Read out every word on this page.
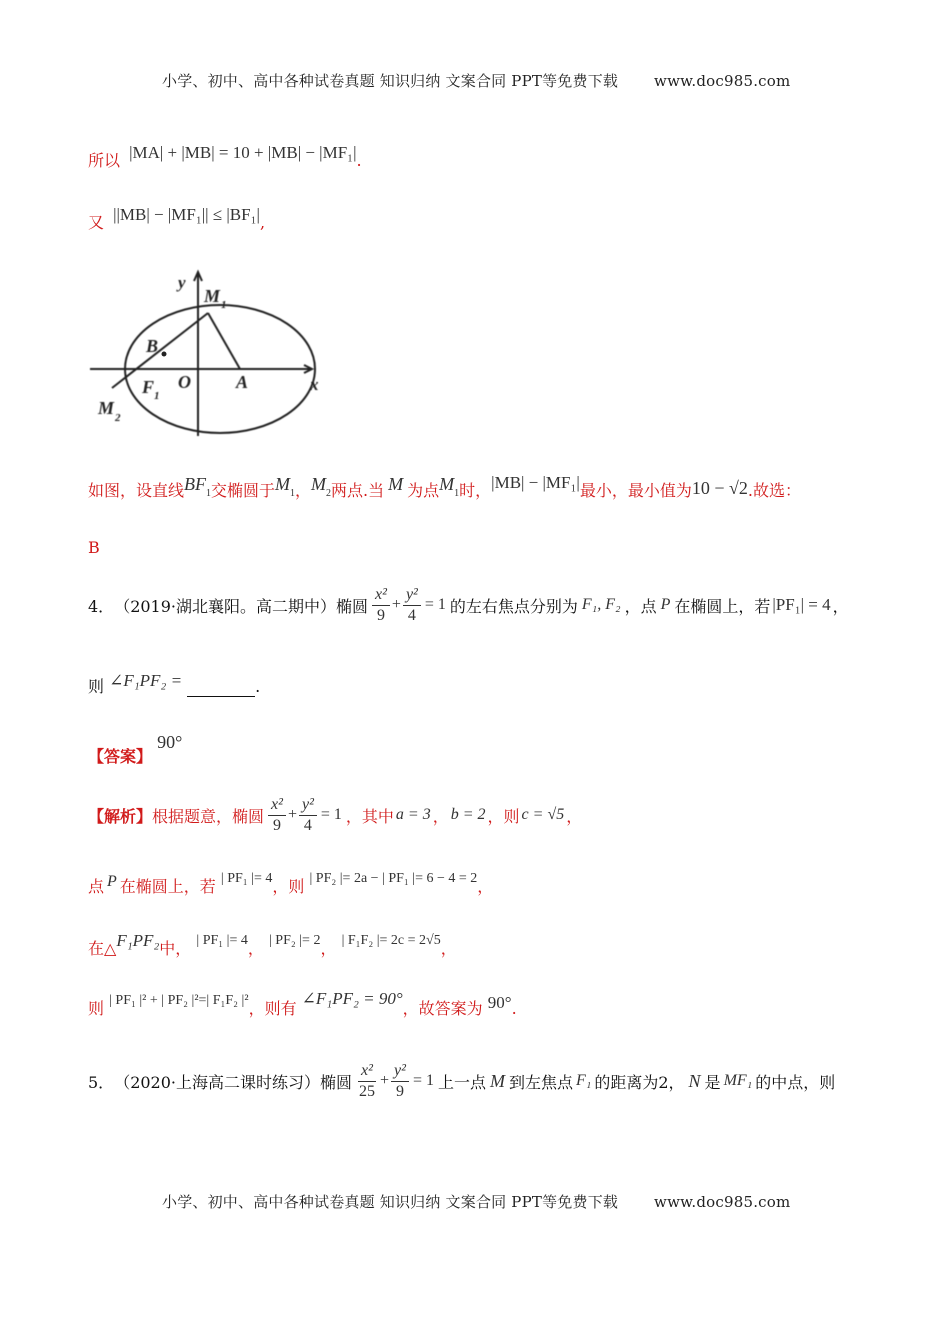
小学、初中、高中各种试卷真题 知识归纳 文案合同 PPT等免费下载 www.doc985.com
所以 |MA| + |MB| = 10 + |MB| − |MF₁|.
又 ||MB| − |MF₁|| ≤ |BF₁|,
y
x
M 1
B
O
F 1
A
M 2
如图，设直线$BF_1$交椭圆于$M_1$，$M_2$两点.当 M 为点$M_1$时，|MB| − |MF₁|最小，最小值为10 − √2.故选：
B
4． （2019·湖北襄阳。高二期中）椭圆 $\frac{\text{x²}}{9} + \frac{\text{y²}}{4} = 1$ 的左右焦点分别为 F₁, F₂ ，点 P 在椭圆上，若 |PF₁| = 4 ，
则 ∠F₁PF₂ =	.
【答案】 90°
【解析】 根据题意，椭圆 $\frac{\text{x²}}{9} + \frac{\text{y²}}{4} = 1$ ，其中 a = 3 ， b = 2 ，则 c = √5 ，
点 P 在椭圆上，若 | PF₁ |= 4，则 | PF₂ |= 2a − | PF₁ |= 6 − 4 = 2，
在△F₁PF₂中， | PF₁ |= 4， | PF₂ |= 2， | F₁F₂ |= 2c = 2√5，
则 | PF₁ |² + | PF₂ |²=| F₁F₂ |²，则有 ∠F₁PF₂ = 90°，故答案为 90°.
5． （2020·上海高二课时练习）椭圆 $\frac{\text{x²}}{25} + \frac{\text{y²}}{9} = 1$ 上一点 M 到左焦点 F₁ 的距离为2， N 是 MF₁ 的中点，则
小学、初中、高中各种试卷真题 知识归纳 文案合同 PPT等免费下载 www.doc985.com
